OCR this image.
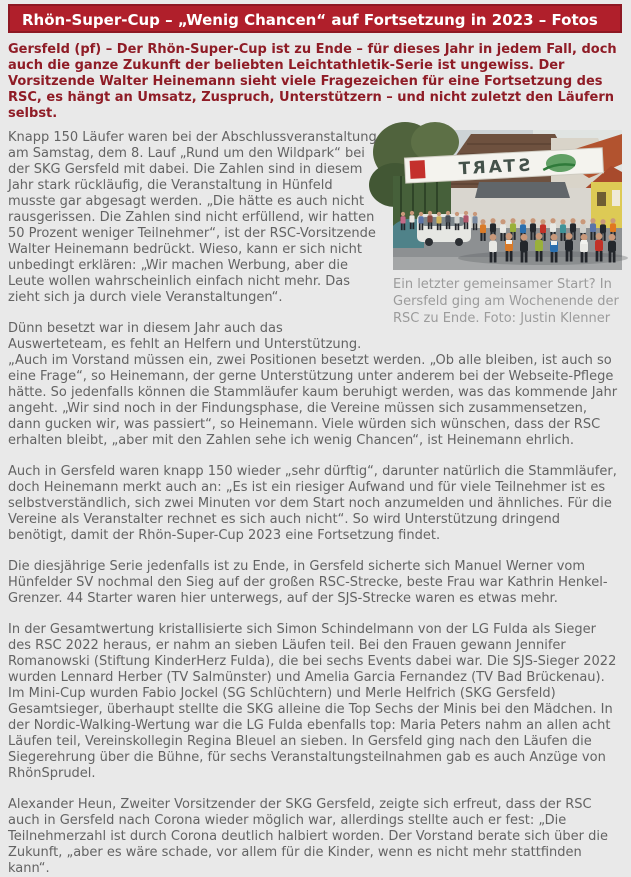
Rhön-Super-Cup – „Wenig Chancen“ auf Fortsetzung in 2023 – Fotos

Gersfeld (pf) – Der Rhön-Super-Cup ist zu Ende – für dieses Jahr in jedem Fall, doch auch die ganze Zukunft der beliebten Leichtathletik-Serie ist ungewiss. Der Vorsitzende Walter Heinemann sieht viele Fragezeichen für eine Fortsetzung des RSC, es hängt an Umsatz, Zuspruch, Unterstützern – und nicht zuletzt den Läufern selbst.

START
Ein letzter gemeinsamer Start? In Gersfeld ging am Wochenende der RSC zu Ende. Foto: Justin Klenner

Knapp 150 Läufer waren bei der Abschlussveranstaltung am Samstag, dem 8. Lauf „Rund um den Wildpark“ bei der SKG Gersfeld mit dabei. Die Zahlen sind in diesem Jahr stark rückläufig, die Veranstaltung in Hünfeld musste gar abgesagt werden. „Die hätte es auch nicht rausgerissen. Die Zahlen sind nicht erfüllend, wir hatten 50 Prozent weniger Teilnehmer“, ist der RSC-Vorsitzende Walter Heinemann bedrückt. Wieso, kann er sich nicht unbedingt erklären: „Wir machen Werbung, aber die Leute wollen wahrscheinlich einfach nicht mehr. Das zieht sich ja durch viele Veranstaltungen“.

Dünn besetzt war in diesem Jahr auch das Auswerteteam, es fehlt an Helfern und Unterstützung. „Auch im Vorstand müssen ein, zwei Positionen besetzt werden. „Ob alle bleiben, ist auch so eine Frage“, so Heinemann, der gerne Unterstützung unter anderem bei der Webseite-Pflege hätte. So jedenfalls können die Stammläufer kaum beruhigt werden, was das kommende Jahr angeht. „Wir sind noch in der Findungsphase, die Vereine müssen sich zusammensetzen, dann gucken wir, was passiert“, so Heinemann. Viele würden sich wünschen, dass der RSC erhalten bleibt, „aber mit den Zahlen sehe ich wenig Chancen“, ist Heinemann ehrlich.

Auch in Gersfeld waren knapp 150 wieder „sehr dürftig“, darunter natürlich die Stammläufer, doch Heinemann merkt auch an: „Es ist ein riesiger Aufwand und für viele Teilnehmer ist es selbstverständlich, sich zwei Minuten vor dem Start noch anzumelden und ähnliches. Für die Vereine als Veranstalter rechnet es sich auch nicht“. So wird Unterstützung dringend benötigt, damit der Rhön-Super-Cup 2023 eine Fortsetzung findet.

Die diesjährige Serie jedenfalls ist zu Ende, in Gersfeld sicherte sich Manuel Werner vom Hünfelder SV nochmal den Sieg auf der großen RSC-Strecke, beste Frau war Kathrin Henkel-Grenzer. 44 Starter waren hier unterwegs, auf der SJS-Strecke waren es etwas mehr.

In der Gesamtwertung kristallisierte sich Simon Schindelmann von der LG Fulda als Sieger des RSC 2022 heraus, er nahm an sieben Läufen teil. Bei den Frauen gewann Jennifer Romanowski (Stiftung KinderHerz Fulda), die bei sechs Events dabei war. Die SJS-Sieger 2022 wurden Lennard Herber (TV Salmünster) und Amelia Garcia Fernandez (TV Bad Brückenau). Im Mini-Cup wurden Fabio Jockel (SG Schlüchtern) und Merle Helfrich (SKG Gersfeld) Gesamtsieger, überhaupt stellte die SKG alleine die Top Sechs der Minis bei den Mädchen. In der Nordic-Walking-Wertung war die LG Fulda ebenfalls top: Maria Peters nahm an allen acht Läufen teil, Vereinskollegin Regina Bleuel an sieben. In Gersfeld ging nach den Läufen die Siegerehrung über die Bühne, für sechs Veranstaltungsteilnahmen gab es auch Anzüge von RhönSprudel.

Alexander Heun, Zweiter Vorsitzender der SKG Gersfeld, zeigte sich erfreut, dass der RSC auch in Gersfeld nach Corona wieder möglich war, allerdings stellte auch er fest: „Die Teilnehmerzahl ist durch Corona deutlich halbiert worden. Der Vorstand berate sich über die Zukunft, „aber es wäre schade, vor allem für die Kinder, wenn es nicht mehr stattfinden kann“.
